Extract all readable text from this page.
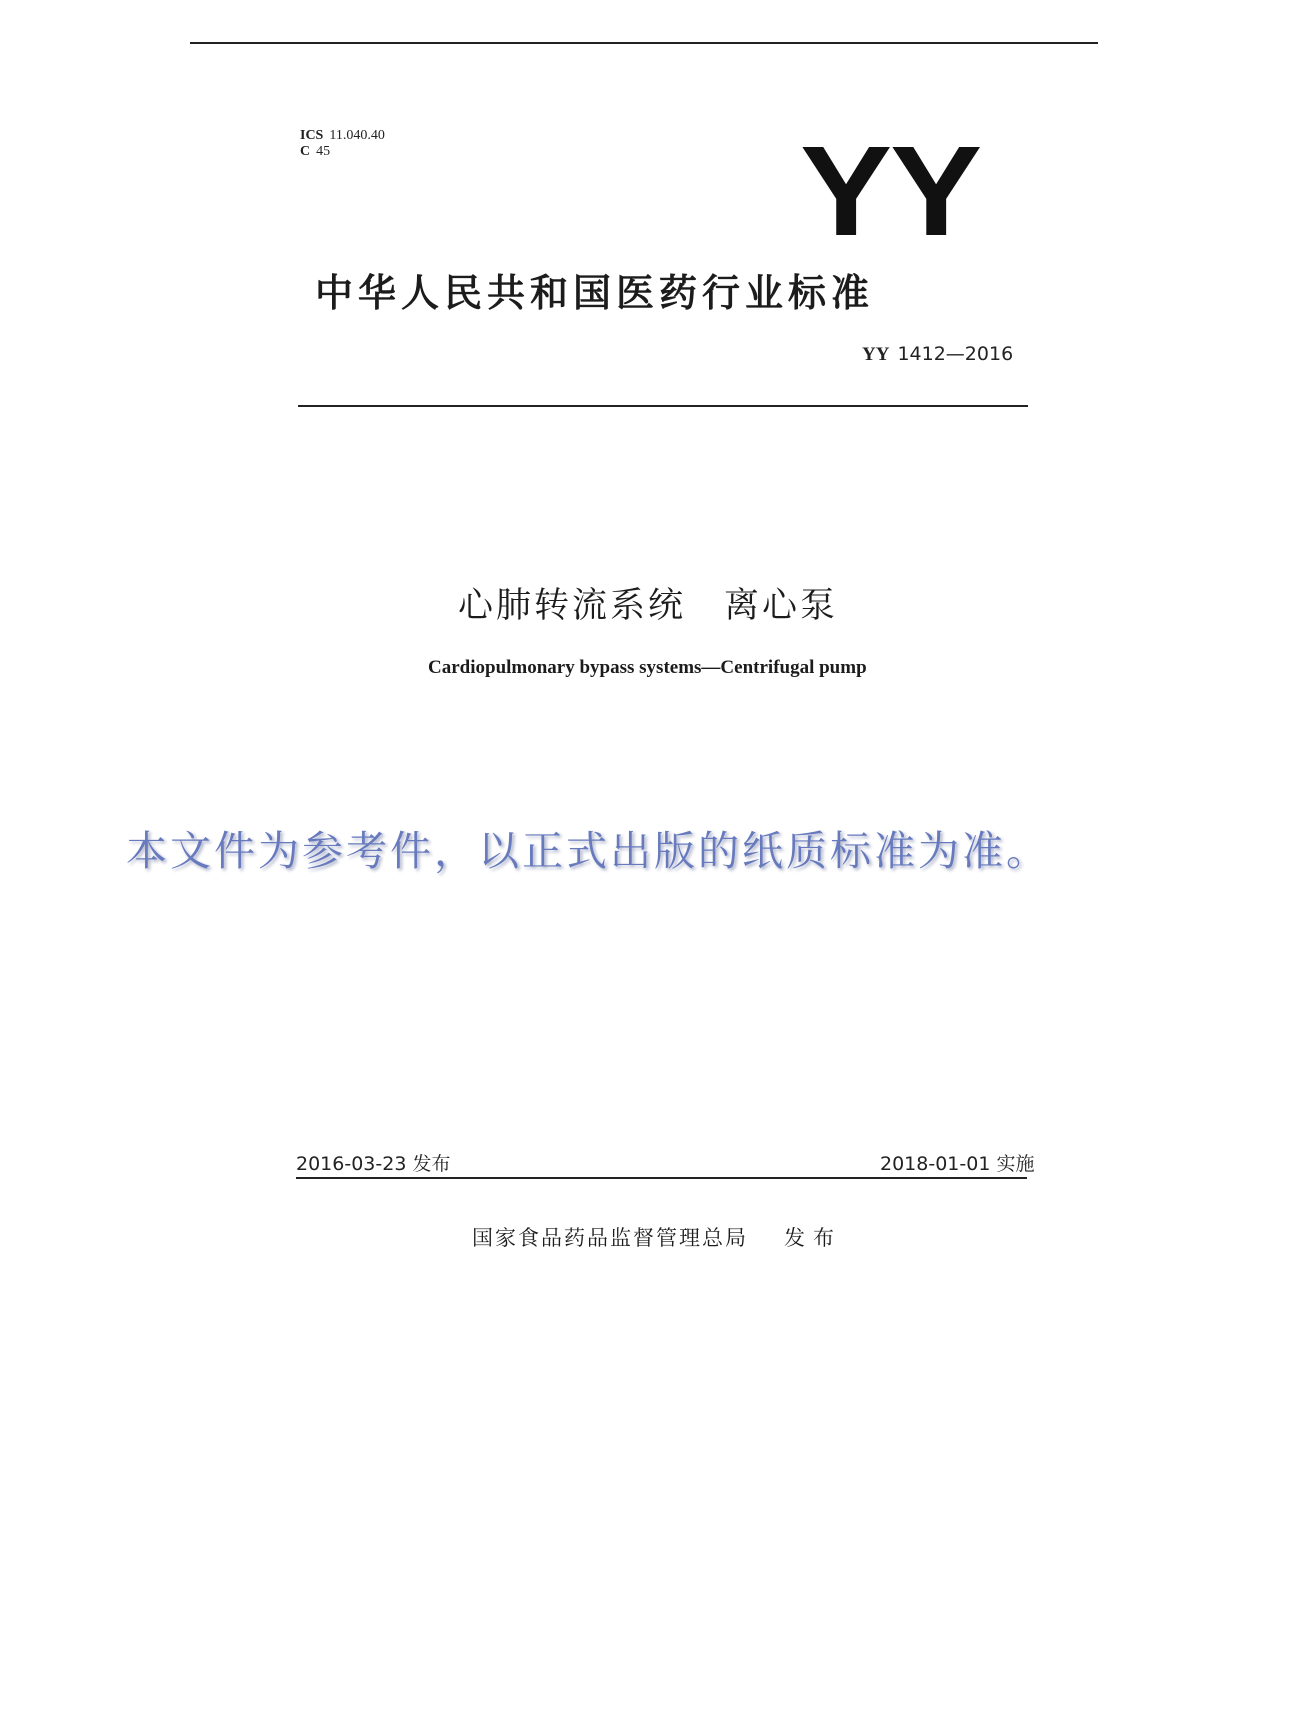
ICS 11.040.40
C 45	YY
中华人民共和国医药行业标准
YY 1412—2016
心肺转流系统　离心泵
Cardiopulmonary bypass systems—Centrifugal pump
本文件为参考件，以正式出版的纸质标准为准。
2016-03-23 发布	2018-01-01 实施
国家食品药品监督管理总局 发布
